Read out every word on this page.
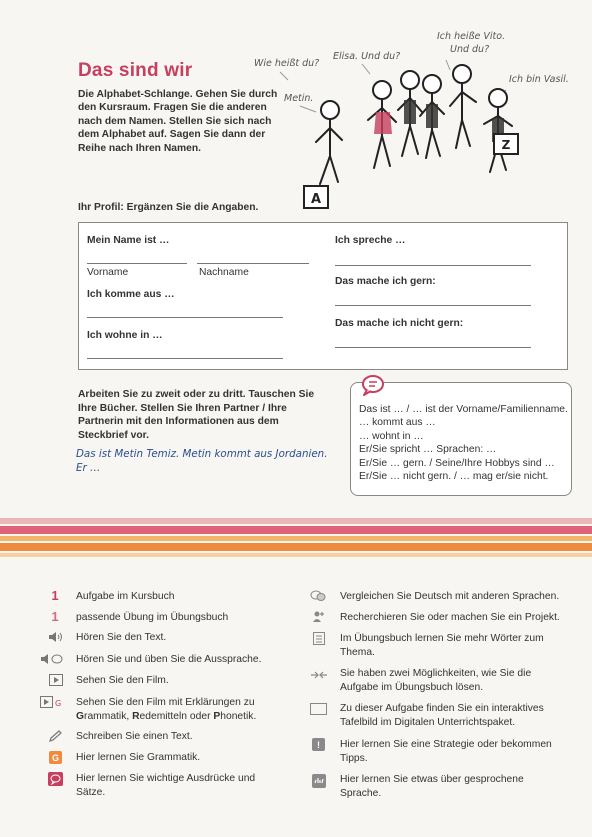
Das sind wir
Die Alphabet-Schlange. Gehen Sie durch den Kursraum. Fragen Sie die anderen nach dem Namen. Stellen Sie sich nach dem Alphabet auf. Sagen Sie dann der Reihe nach Ihren Namen.
A
Z
Wie heißt du?
Elisa. Und du?
Ich heiße Vito.
Und du?
Metin.
Ich bin Vasil.
Ihr Profil: Ergänzen Sie die Angaben.
Mein Name ist …
Vorname	Nachname
Ich komme aus …
Ich wohne in …
Ich spreche …
Das mache ich gern:
Das mache ich nicht gern:
Arbeiten Sie zu zweit oder zu dritt. Tauschen Sie Ihre Bücher. Stellen Sie Ihren Partner / Ihre Partnerin mit den Informationen aus dem Steckbrief vor.
Das ist Metin Temiz. Metin kommt aus Jordanien.
Er …
Das ist … / … ist der Vorname/Familienname.
… kommt aus …
… wohnt in …
Er/Sie spricht … Sprachen: …
Er/Sie … gern. / Seine/Ihre Hobbys sind …
Er/Sie … nicht gern. / … mag er/sie nicht.
1	Aufgabe im Kursbuch
1	passende Übung im Übungsbuch
Hören Sie den Text.
Hören Sie und üben Sie die Aussprache.
Sehen Sie den Film.
G Sehen Sie den Film mit Erklärungen zu Grammatik, Redemitteln oder Phonetik.
Schreiben Sie einen Text.
G Hier lernen Sie Grammatik.
Hier lernen Sie wichtige Ausdrücke und Sätze.
Vergleichen Sie Deutsch mit anderen Sprachen.
Recherchieren Sie oder machen Sie ein Projekt.
Im Übungsbuch lernen Sie mehr Wörter zum Thema.
Sie haben zwei Möglichkeiten, wie Sie die Aufgabe im Übungsbuch lösen.
Zu dieser Aufgabe finden Sie ein interaktives Tafelbild im Digitalen Unterrichtspaket.
!	Hier lernen Sie eine Strategie oder bekommen Tipps.
Hier lernen Sie etwas über gesprochene Sprache.
